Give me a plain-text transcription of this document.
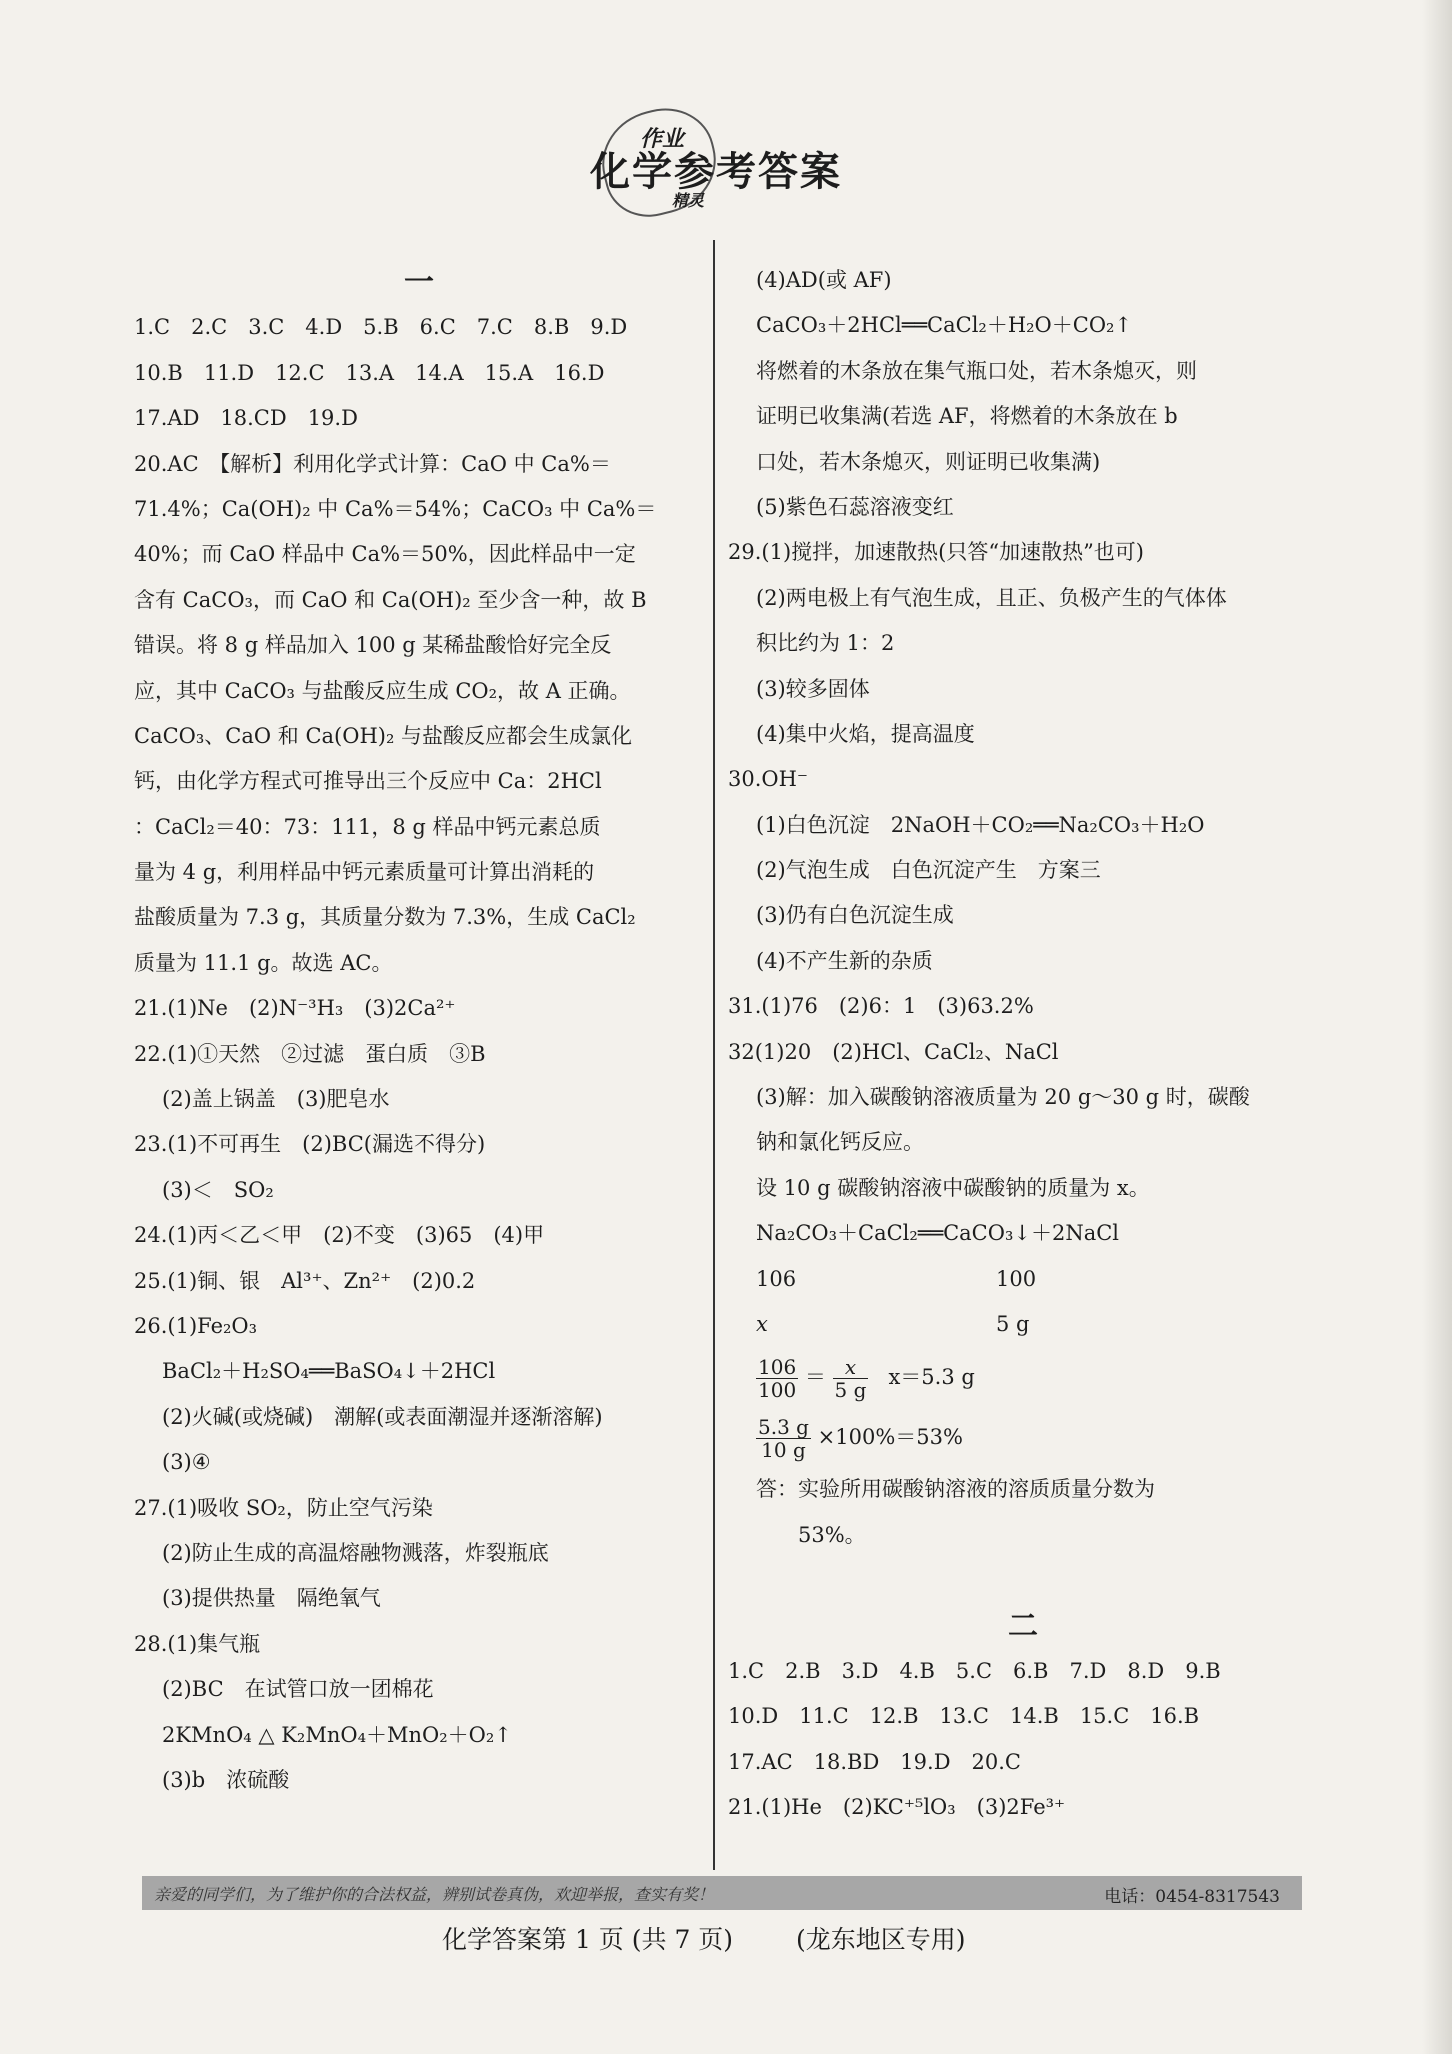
作业
精灵
化学参考答案
一
1.C　2.C　3.C　4.D　5.B　6.C　7.C　8.B　9.D
10.B　11.D　12.C　13.A　14.A　15.A　16.D
17.AD　18.CD　19.D
20.AC　【解析】利用化学式计算：CaO 中 Ca%＝
71.4%；Ca(OH)₂ 中 Ca%＝54%；CaCO₃ 中 Ca%＝
40%；而 CaO 样品中 Ca%＝50%，因此样品中一定
含有 CaCO₃，而 CaO 和 Ca(OH)₂ 至少含一种，故 B
错误。将 8 g 样品加入 100 g 某稀盐酸恰好完全反
应，其中 CaCO₃ 与盐酸反应生成 CO₂，故 A 正确。
CaCO₃、CaO 和 Ca(OH)₂ 与盐酸反应都会生成氯化
钙，由化学方程式可推导出三个反应中 Ca：2HCl
：CaCl₂＝40：73：111，8 g 样品中钙元素总质
量为 4 g，利用样品中钙元素质量可计算出消耗的
盐酸质量为 7.3 g，其质量分数为 7.3%，生成 CaCl₂
质量为 11.1 g。故选 AC。
21.(1)Ne　(2)N⁻³H₃　(3)2Ca²⁺
22.(1)①天然　②过滤　蛋白质　③B
(2)盖上锅盖　(3)肥皂水
23.(1)不可再生　(2)BC(漏选不得分)
(3)＜　SO₂
24.(1)丙＜乙＜甲　(2)不变　(3)65　(4)甲
25.(1)铜、银　Al³⁺、Zn²⁺　(2)0.2
26.(1)Fe₂O₃
BaCl₂＋H₂SO₄══BaSO₄↓＋2HCl
(2)火碱(或烧碱)　潮解(或表面潮湿并逐渐溶解)
(3)④
27.(1)吸收 SO₂，防止空气污染
(2)防止生成的高温熔融物溅落，炸裂瓶底
(3)提供热量　隔绝氧气
28.(1)集气瓶
(2)BC　在试管口放一团棉花
2KMnO₄ △ K₂MnO₄＋MnO₂＋O₂↑
(3)b　浓硫酸
(4)AD(或 AF)
CaCO₃＋2HCl══CaCl₂＋H₂O＋CO₂↑
将燃着的木条放在集气瓶口处，若木条熄灭，则
证明已收集满(若选 AF，将燃着的木条放在 b
口处，若木条熄灭，则证明已收集满)
(5)紫色石蕊溶液变红
29.(1)搅拌，加速散热(只答“加速散热”也可)
(2)两电极上有气泡生成，且正、负极产生的气体体
积比约为 1：2
(3)较多固体
(4)集中火焰，提高温度
30.OH⁻
(1)白色沉淀　2NaOH＋CO₂══Na₂CO₃＋H₂O
(2)气泡生成　白色沉淀产生　方案三
(3)仍有白色沉淀生成
(4)不产生新的杂质
31.(1)76　(2)6：1　(3)63.2%
32(1)20　(2)HCl、CaCl₂、NaCl
(3)解：加入碳酸钠溶液质量为 20 g～30 g 时，碳酸
钠和氯化钙反应。
设 10 g 碳酸钠溶液中碳酸钠的质量为 x。
Na₂CO₃＋CaCl₂══CaCO₃↓＋2NaCl
106	100
x	5 g
$\frac{106}{100} = \frac{x}{5 g} x=5.3$ g
$\frac{5.3 g}{10 g} \times 100\%=53\%$
答：实验所用碳酸钠溶液的溶质质量分数为
53%。
二
1.C　2.B　3.D　4.B　5.C　6.B　7.D　8.D　9.B
10.D　11.C　12.B　13.C　14.B　15.C　16.B
17.AC　18.BD　19.D　20.C
21.(1)He　(2)KC⁺⁵lO₃　(3)2Fe³⁺
亲爱的同学们，为了维护你的合法权益，辨别试卷真伪，欢迎举报，查实有奖！	电话：0454-8317543
化学答案第 1 页 (共 7 页)	(龙东地区专用)
